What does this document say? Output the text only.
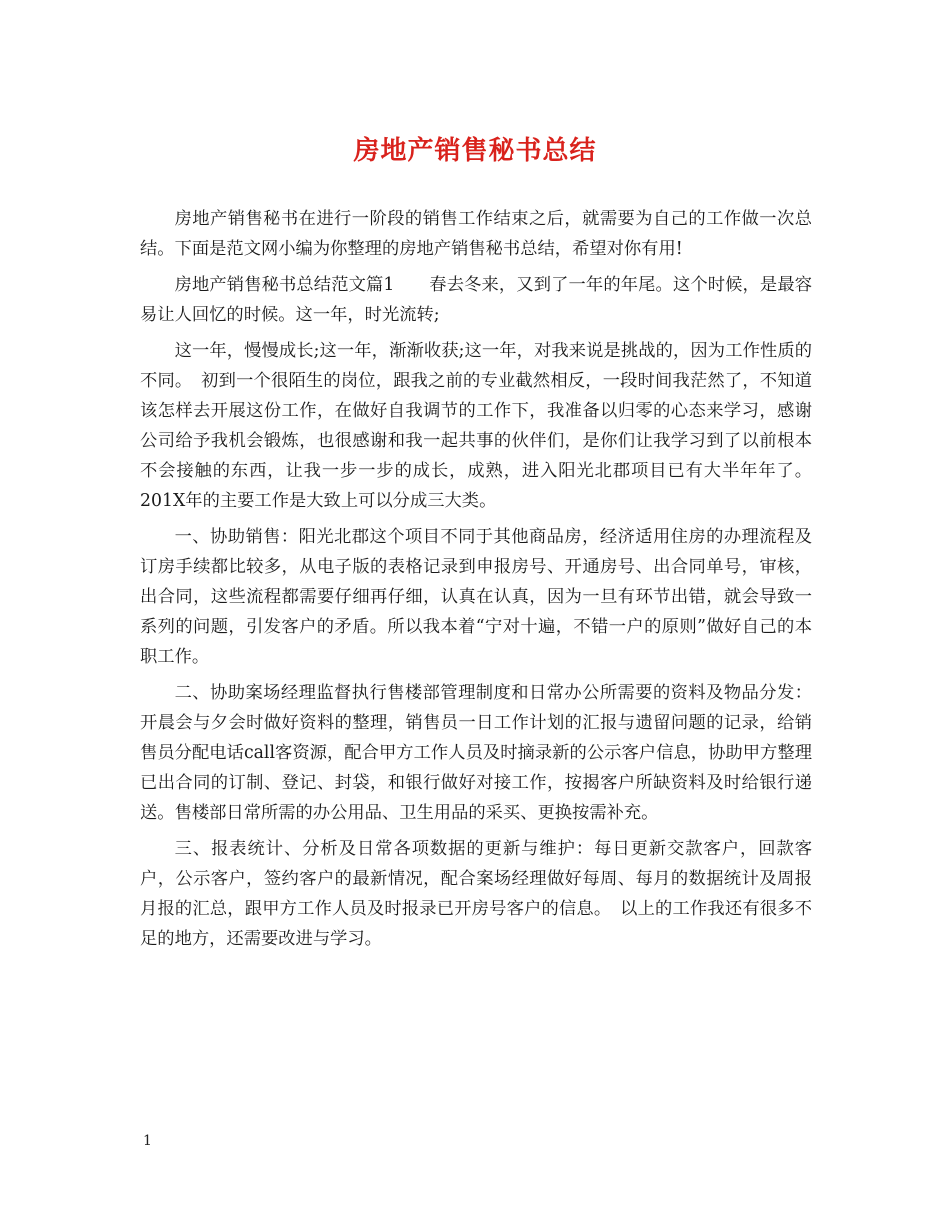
房地产销售秘书总结

房地产销售秘书在进行一阶段的销售工作结束之后，就需要为自己的工作做一次总结。下面是范文网小编为你整理的房地产销售秘书总结，希望对你有用!

房地产销售秘书总结范文篇1　　春去冬来，又到了一年的年尾。这个时候，是最容易让人回忆的时候。这一年，时光流转;

这一年，慢慢成长;这一年，渐渐收获;这一年，对我来说是挑战的，因为工作性质的不同。　初到一个很陌生的岗位，跟我之前的专业截然相反，一段时间我茫然了，不知道该怎样去开展这份工作，在做好自我调节的工作下，我准备以归零的心态来学习，感谢公司给予我机会锻炼，也很感谢和我一起共事的伙伴们，是你们让我学习到了以前根本不会接触的东西，让我一步一步的成长，成熟，进入阳光北郡项目已有大半年年了。 201X年的主要工作是大致上可以分成三大类。

一、协助销售：阳光北郡这个项目不同于其他商品房，经济适用住房的办理流程及订房手续都比较多，从电子版的表格记录到申报房号、开通房号、出合同单号，审核，出合同，这些流程都需要仔细再仔细，认真在认真，因为一旦有环节出错，就会导致一系列的问题，引发客户的矛盾。所以我本着“宁对十遍，不错一户的原则”做好自己的本职工作。

二、协助案场经理监督执行售楼部管理制度和日常办公所需要的资料及物品分发：开晨会与夕会时做好资料的整理，销售员一日工作计划的汇报与遗留问题的记录，给销售员分配电话call客资源，配合甲方工作人员及时摘录新的公示客户信息，协助甲方整理已出合同的订制、登记、封袋，和银行做好对接工作，按揭客户所缺资料及时给银行递送。售楼部日常所需的办公用品、卫生用品的采买、更换按需补充。

三、报表统计、分析及日常各项数据的更新与维护：每日更新交款客户，回款客户，公示客户，签约客户的最新情况，配合案场经理做好每周、每月的数据统计及周报月报的汇总，跟甲方工作人员及时报录已开房号客户的信息。　以上的工作我还有很多不足的地方，还需要改进与学习。

1
